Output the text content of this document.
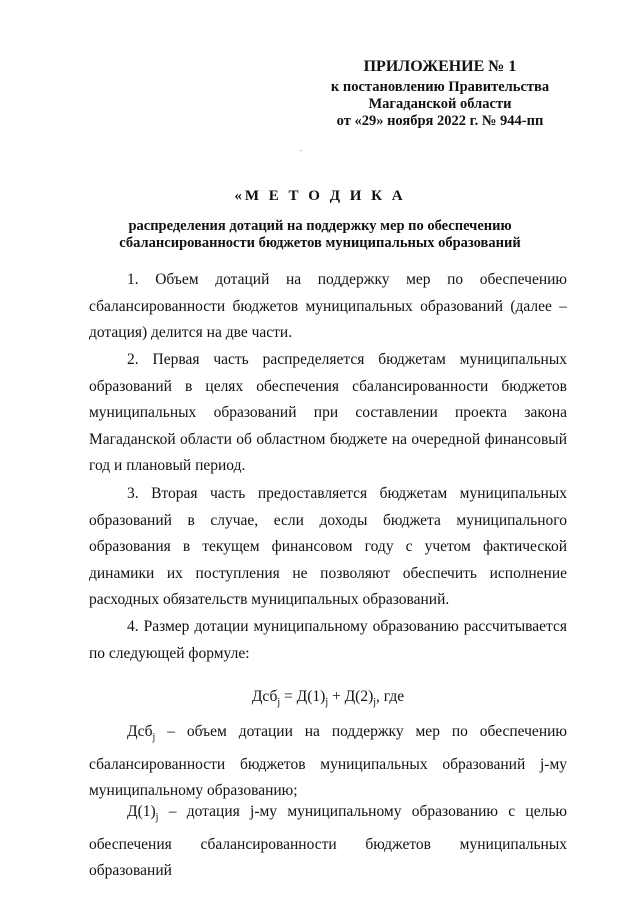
ПРИЛОЖЕНИЕ № 1
к постановлению Правительства
Магаданской области
от «29» ноября 2022 г. № 944-пп
«М Е Т О Д И К А
распределения дотаций на поддержку мер по обеспечению
сбалансированности бюджетов муниципальных образований
1. Объем дотаций на поддержку мер по обеспечению сбалансированности бюджетов муниципальных образований (далее – дотация) делится на две части.
2. Первая часть распределяется бюджетам муниципальных образований в целях обеспечения сбалансированности бюджетов муниципальных образований при составлении проекта закона Магаданской области об областном бюджете на очередной финансовый год и плановый период.
3. Вторая часть предоставляется бюджетам муниципальных образований в случае, если доходы бюджета муниципального образования в текущем финансовом году с учетом фактической динамики их поступления не позволяют обеспечить исполнение расходных обязательств муниципальных образований.
4. Размер дотации муниципальному образованию рассчитывается по следующей формуле:
$Дсб_j = Д(1)_j + Д(2)_j$, где
Дсб$_j$ – объем дотации на поддержку мер по обеспечению сбалансированности бюджетов муниципальных образований j-му муниципальному образованию;
$Д(1)_j$ – дотация j-му муниципальному образованию с целью обеспечения сбалансированности бюджетов муниципальных образований
